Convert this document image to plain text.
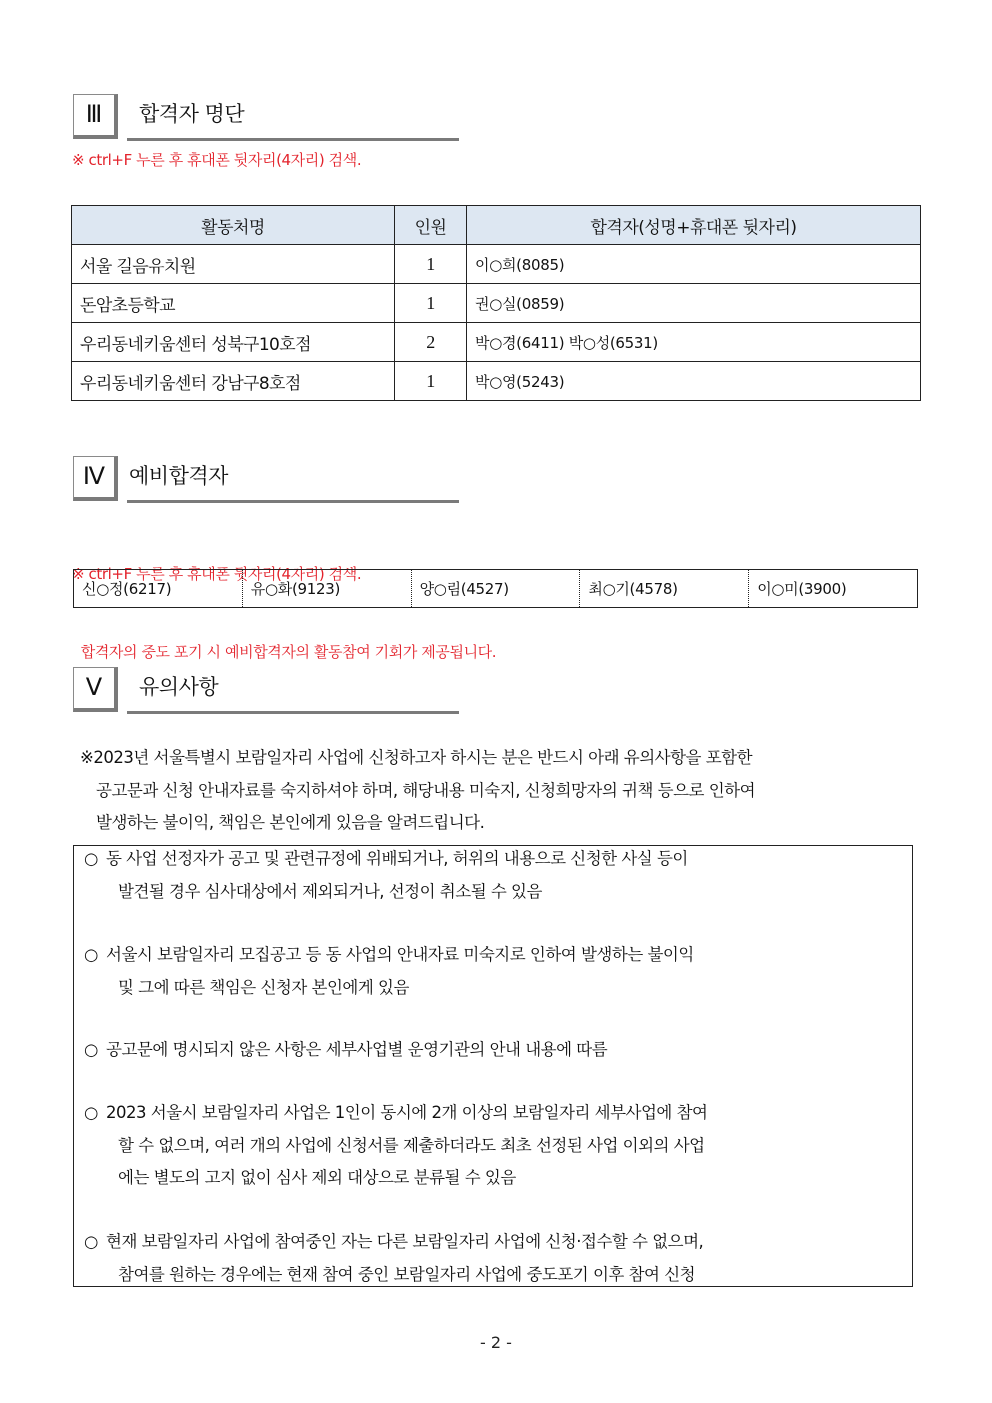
Ⅲ	합격자 명단
※ ctrl+F 누른 후 휴대폰 뒷자리(4자리) 검색.
활동처명	인원	합격자(성명+휴대폰 뒷자리)
서울 길음유치원	1	이○희(8085)
돈암초등학교	1	권○실(0859)
우리동네키움센터 성북구10호점	2	박○경(6411) 박○성(6531)
우리동네키움센터 강남구8호점	1	박○영(5243)
Ⅳ	예비합격자

※ ctrl+F 누른 후 휴대폰 뒷자리(4자리) 검색.

합격자의 중도 포기 시 예비합격자의 활동참여 기회가 제공됩니다.

신○정(6217)	유○화(9123)	양○림(4527)	최○기(4578)	이○미(3900)
Ⅴ	유의사항
※2023년 서울특별시 보람일자리 사업에 신청하고자 하시는 분은 반드시 아래 유의사항을 포함한
공고문과 신청 안내자료를 숙지하셔야 하며, 해당내용 미숙지, 신청희망자의 귀책 등으로 인하여
발생하는 불이익, 책임은 본인에게 있음을 알려드립니다.
○ 동 사업 선정자가 공고 및 관련규정에 위배되거나, 허위의 내용으로 신청한 사실 등이
발견될 경우 심사대상에서 제외되거나, 선정이 취소될 수 있음
○ 서울시 보람일자리 모집공고 등 동 사업의 안내자료 미숙지로 인하여 발생하는 불이익
및 그에 따른 책임은 신청자 본인에게 있음
○ 공고문에 명시되지 않은 사항은 세부사업별 운영기관의 안내 내용에 따름
○ 2023 서울시 보람일자리 사업은 1인이 동시에 2개 이상의 보람일자리 세부사업에 참여
할 수 없으며, 여러 개의 사업에 신청서를 제출하더라도 최초 선정된 사업 이외의 사업
에는 별도의 고지 없이 심사 제외 대상으로 분류될 수 있음
○ 현재 보람일자리 사업에 참여중인 자는 다른 보람일자리 사업에 신청·접수할 수 없으며,
참여를 원하는 경우에는 현재 참여 중인 보람일자리 사업에 중도포기 이후 참여 신청
- 2 -
